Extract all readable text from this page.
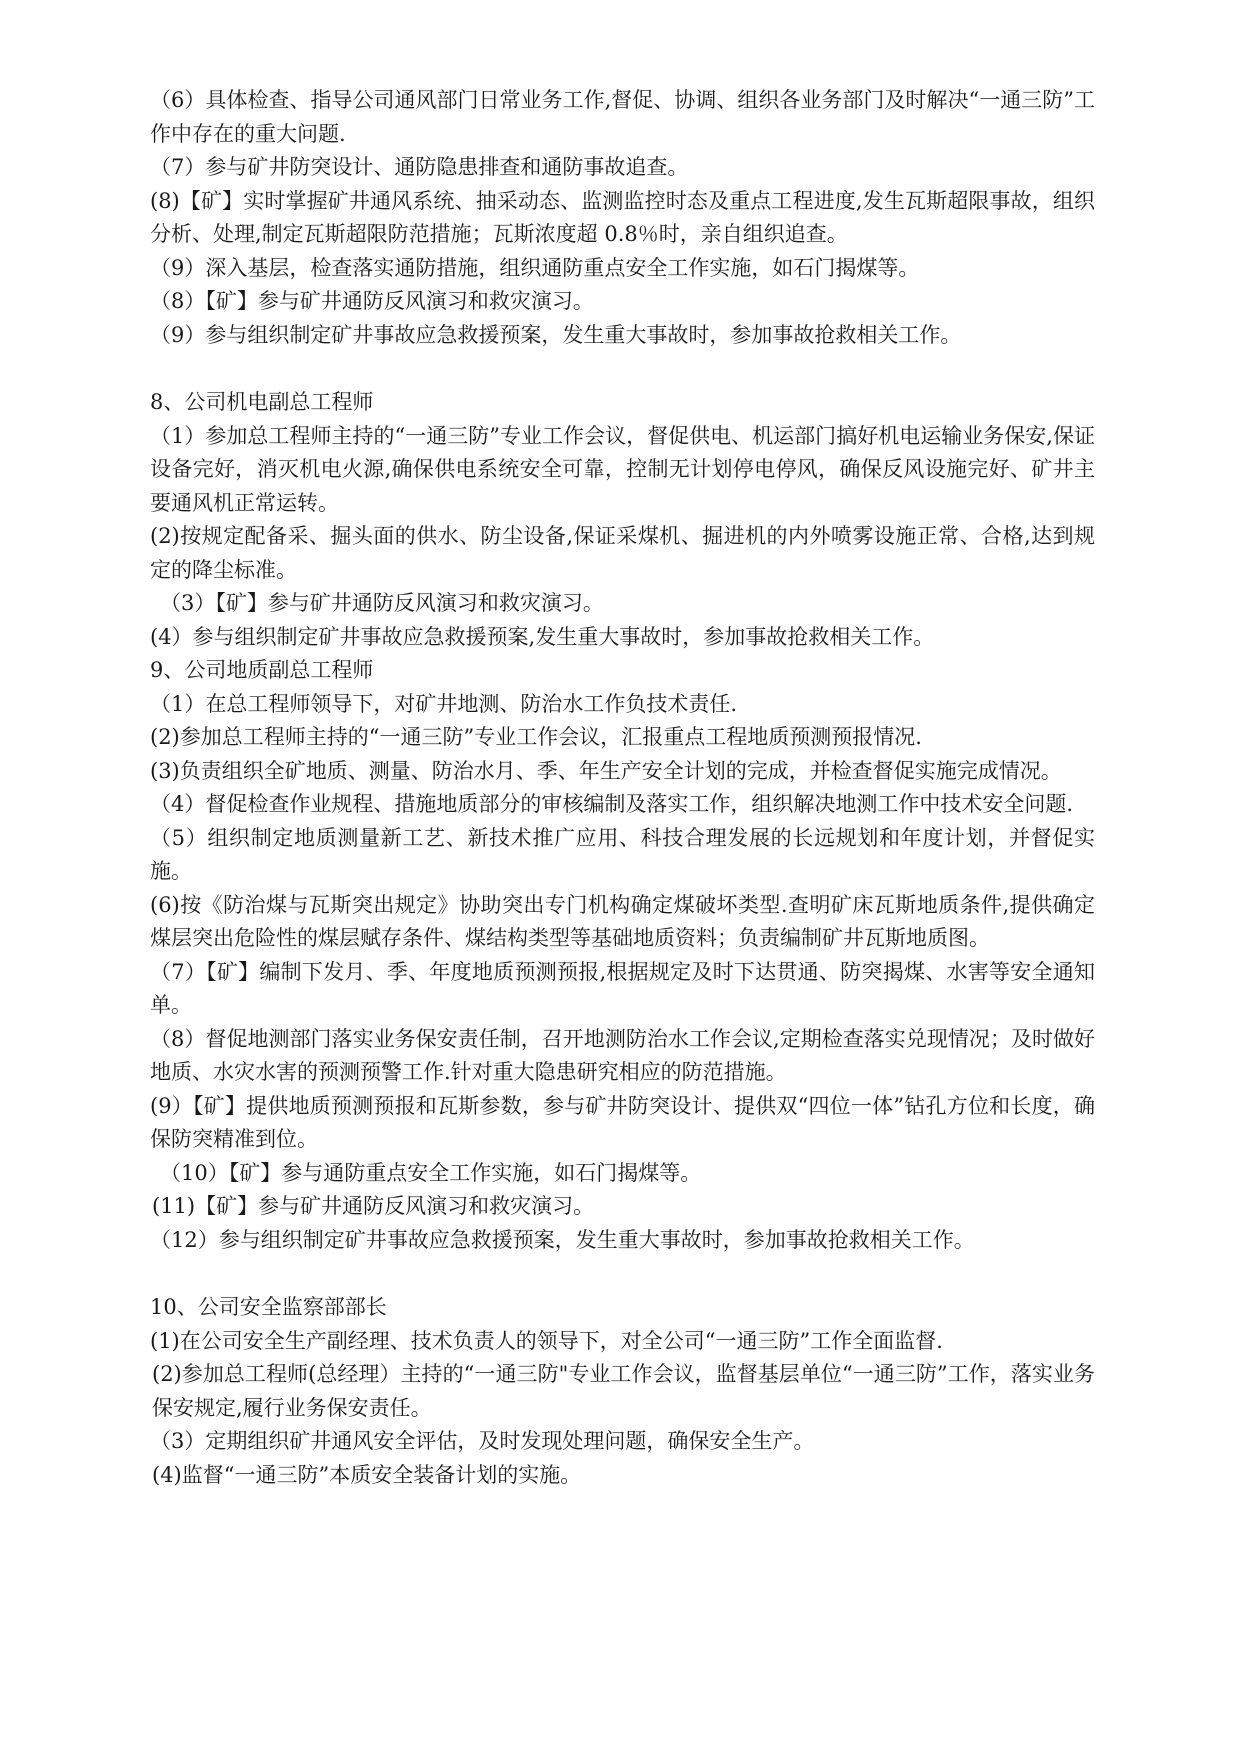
（6）具体检查、指导公司通风部门日常业务工作,督促、协调、组织各业务部门及时解决“一通三防”工作中存在的重大问题.

（7）参与矿井防突设计、通防隐患排查和通防事故追查。

(8)【矿】实时掌握矿井通风系统、抽采动态、监测监控时态及重点工程进度,发生瓦斯超限事故，组织分析、处理,制定瓦斯超限防范措施；瓦斯浓度超 0.8％时，亲自组织追查。

（9）深入基层，检查落实通防措施，组织通防重点安全工作实施，如石门揭煤等。

（8）【矿】参与矿井通防反风演习和救灾演习。

（9）参与组织制定矿井事故应急救援预案，发生重大事故时，参加事故抢救相关工作。

8、公司机电副总工程师

（1）参加总工程师主持的“一通三防”专业工作会议，督促供电、机运部门搞好机电运输业务保安,保证设备完好，消灭机电火源,确保供电系统安全可靠，控制无计划停电停风，确保反风设施完好、矿井主要通风机正常运转。

(2)按规定配备采、掘头面的供水、防尘设备,保证采煤机、掘进机的内外喷雾设施正常、合格,达到规定的降尘标准。

（3）【矿】参与矿井通防反风演习和救灾演习。

(4）参与组织制定矿井事故应急救援预案,发生重大事故时，参加事故抢救相关工作。

9、公司地质副总工程师

（1）在总工程师领导下，对矿井地测、防治水工作负技术责任.

(2)参加总工程师主持的“一通三防”专业工作会议，汇报重点工程地质预测预报情况.

(3)负责组织全矿地质、测量、防治水月、季、年生产安全计划的完成，并检查督促实施完成情况。

（4）督促检查作业规程、措施地质部分的审核编制及落实工作，组织解决地测工作中技术安全问题.

（5）组织制定地质测量新工艺、新技术推广应用、科技合理发展的长远规划和年度计划，并督促实施。

(6)按《防治煤与瓦斯突出规定》协助突出专门机构确定煤破坏类型.查明矿床瓦斯地质条件,提供确定煤层突出危险性的煤层赋存条件、煤结构类型等基础地质资料；负责编制矿井瓦斯地质图。

（7）【矿】编制下发月、季、年度地质预测预报,根据规定及时下达贯通、防突揭煤、水害等安全通知单。

（8）督促地测部门落实业务保安责任制，召开地测防治水工作会议,定期检查落实兑现情况；及时做好地质、水灾水害的预测预警工作.针对重大隐患研究相应的防范措施。

(9）【矿】提供地质预测预报和瓦斯参数，参与矿井防突设计、提供双“四位一体”钻孔方位和长度，确保防突精准到位。

（10）【矿】参与通防重点安全工作实施，如石门揭煤等。

(11)【矿】参与矿井通防反风演习和救灾演习。

（12）参与组织制定矿井事故应急救援预案，发生重大事故时，参加事故抢救相关工作。

10、公司安全监察部部长

(1)在公司安全生产副经理、技术负责人的领导下，对全公司“一通三防”工作全面监督.

(2)参加总工程师(总经理）主持的“一通三防"专业工作会议，监督基层单位“一通三防”工作，落实业务保安规定,履行业务保安责任。

（3）定期组织矿井通风安全评估，及时发现处理问题，确保安全生产。

(4)监督“一通三防”本质安全装备计划的实施。
